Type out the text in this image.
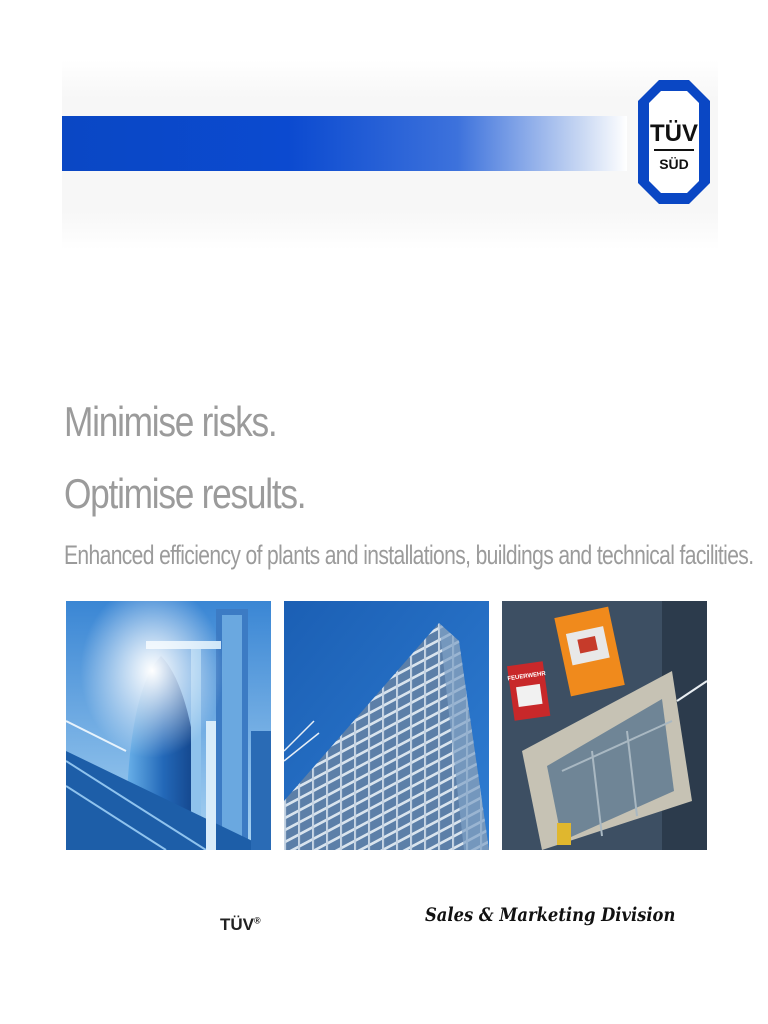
TÜV
SÜD
Minimise risks.
Optimise results.
Enhanced efficiency of plants and installations, buildings and technical facilities.
FEUERWEHR
TÜV®	Sales & Marketing Division
